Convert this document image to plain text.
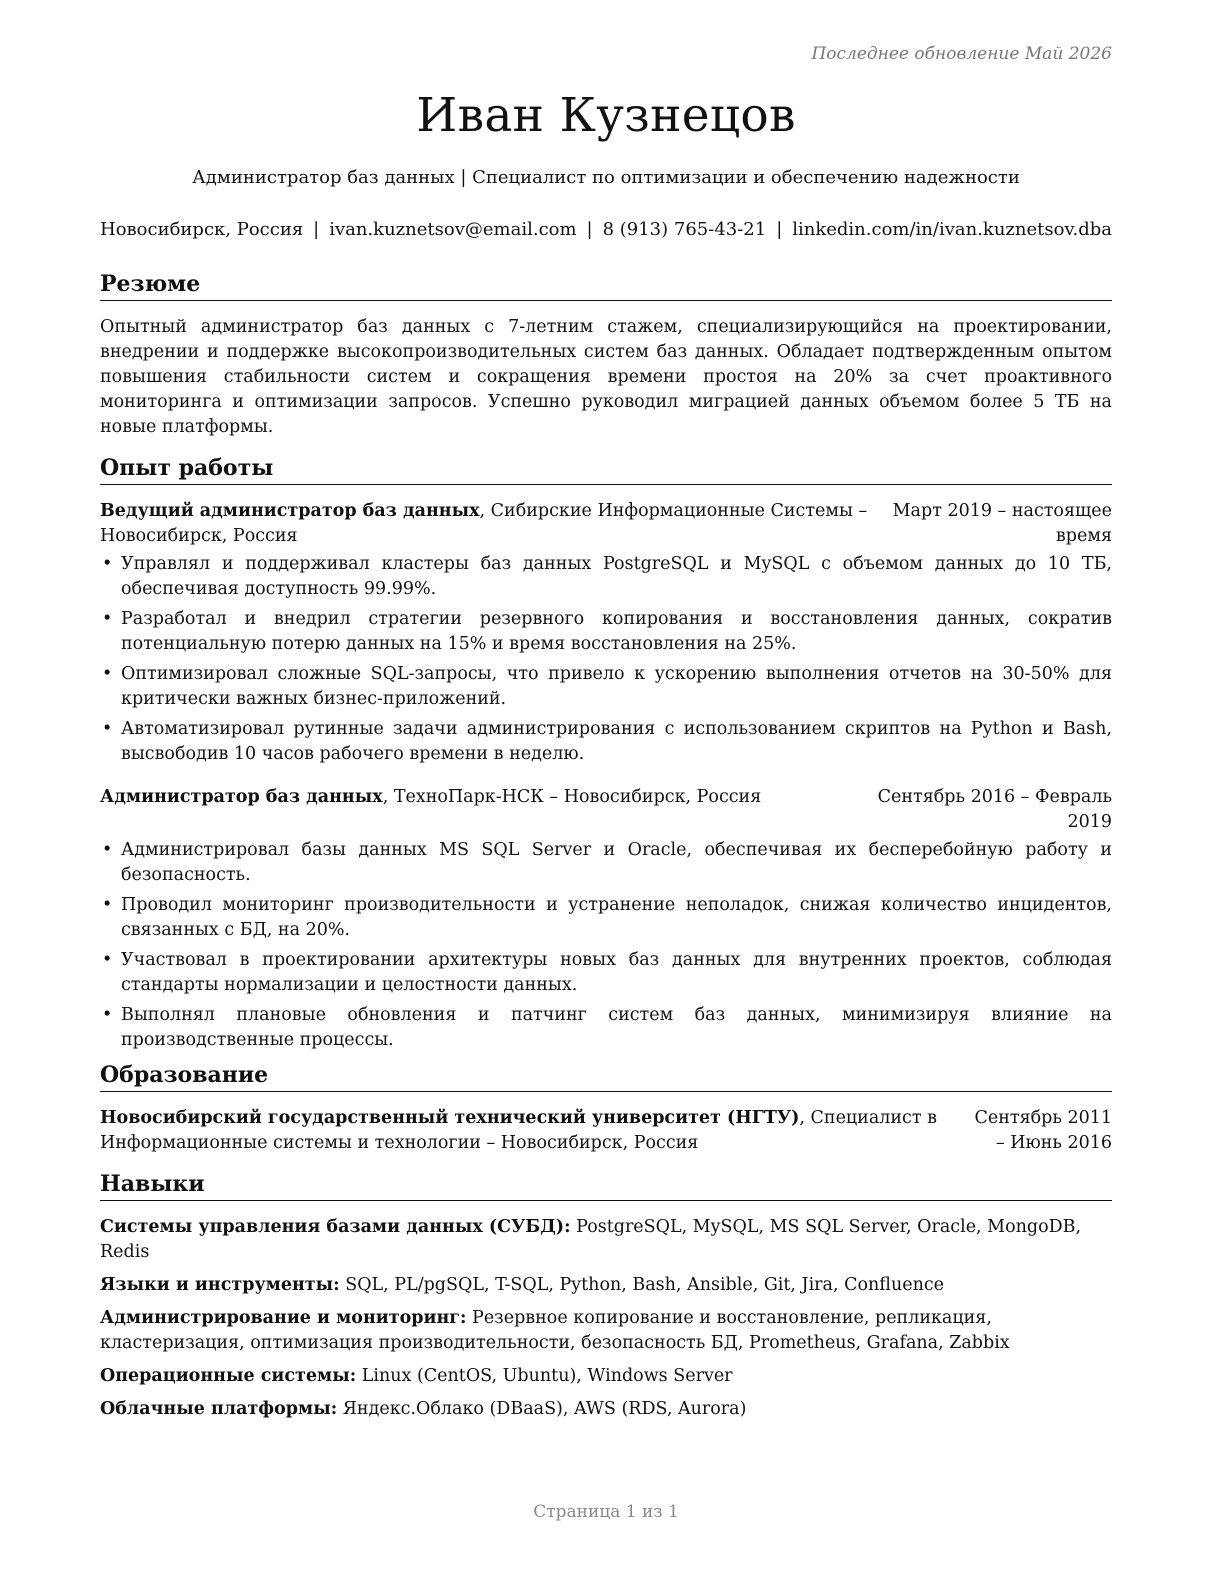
Последнее обновление Май 2026
Иван Кузнецов
Администратор баз данных | Специалист по оптимизации и обеспечению надежности
Новосибирск, Россия | ivan.kuznetsov@email.com | 8 (913) 765-43-21 | linkedin.com/in/ivan.kuznetsov.dba
Резюме

Опытный администратор баз данных с 7-летним стажем, специализирующийся на проектировании, внедрении и поддержке высокопроизводительных систем баз данных. Обладает подтвержденным опытом повышения стабильности систем и сокращения времени простоя на 20% за счет проактивного мониторинга и оптимизации запросов. Успешно руководил миграцией данных объемом более 5 ТБ на новые платформы.

Опыт работы
Ведущий администратор баз данных, Сибирские Информационные Системы – Новосибирск, Россия
Март 2019 – настоящее время
• Управлял и поддерживал кластеры баз данных PostgreSQL и MySQL с объемом данных до 10 ТБ, обеспечивая доступность 99.99%.
• Разработал и внедрил стратегии резервного копирования и восстановления данных, сократив потенциальную потерю данных на 15% и время восстановления на 25%.
• Оптимизировал сложные SQL-запросы, что привело к ускорению выполнения отчетов на 30-50% для критически важных бизнес-приложений.
• Автоматизировал рутинные задачи администрирования с использованием скриптов на Python и Bash, высвободив 10 часов рабочего времени в неделю.
Администратор баз данных, ТехноПарк-НСК – Новосибирск, Россия	Сентябрь 2016 – Февраль 2019
• Администрировал базы данных MS SQL Server и Oracle, обеспечивая их бесперебойную работу и безопасность.
• Проводил мониторинг производительности и устранение неполадок, снижая количество инцидентов, связанных с БД, на 20%.
• Участвовал в проектировании архитектуры новых баз данных для внутренних проектов, соблюдая стандарты нормализации и целостности данных.
• Выполнял плановые обновления и патчинг систем баз данных, минимизируя влияние на производственные процессы.
Образование
Новосибирский государственный технический университет (НГТУ), Специалист в Информационные системы и технологии – Новосибирск, Россия
Сентябрь 2011 – Июнь 2016
Навыки
Системы управления базами данных (СУБД): PostgreSQL, MySQL, MS SQL Server, Oracle, MongoDB, Redis
Языки и инструменты: SQL, PL/pgSQL, T-SQL, Python, Bash, Ansible, Git, Jira, Confluence
Администрирование и мониторинг: Резервное копирование и восстановление, репликация, кластеризация, оптимизация производительности, безопасность БД, Prometheus, Grafana, Zabbix
Операционные системы: Linux (CentOS, Ubuntu), Windows Server
Облачные платформы: Яндекс.Облако (DBaaS), AWS (RDS, Aurora)
Страница 1 из 1
